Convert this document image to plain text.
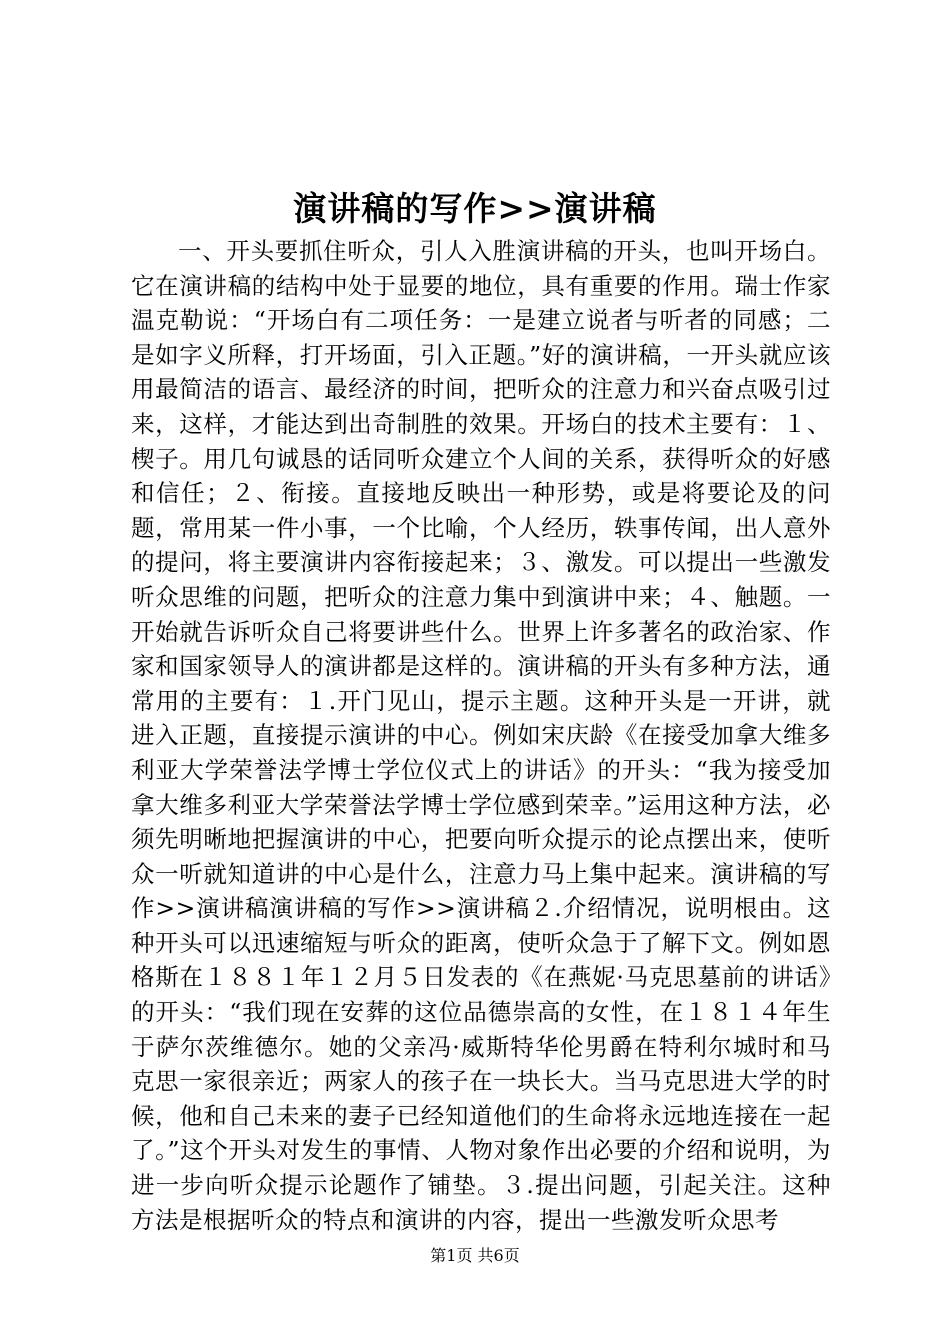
演讲稿的写作>>演讲稿

一、开头要抓住听众，引人入胜演讲稿的开头，也叫开场白。它在演讲稿的结构中处于显要的地位，具有重要的作用。瑞士作家温克勒说：“开场白有二项任务：一是建立说者与听者的同感；二是如字义所释，打开场面，引入正题。”好的演讲稿，一开头就应该用最简洁的语言、最经济的时间，把听众的注意力和兴奋点吸引过来，这样，才能达到出奇制胜的效果。开场白的技术主要有：１、楔子。用几句诚恳的话同听众建立个人间的关系，获得听众的好感和信任；２、衔接。直接地反映出一种形势，或是将要论及的问题，常用某一件小事，一个比喻，个人经历，轶事传闻，出人意外的提问，将主要演讲内容衔接起来；３、激发。可以提出一些激发听众思维的问题，把听众的注意力集中到演讲中来；４、触题。一开始就告诉听众自己将要讲些什么。世界上许多著名的政治家、作家和国家领导人的演讲都是这样的。演讲稿的开头有多种方法，通常用的主要有：１.开门见山，提示主题。这种开头是一开讲，就进入正题，直接提示演讲的中心。例如宋庆龄《在接受加拿大维多利亚大学荣誉法学博士学位仪式上的讲话》的开头：“我为接受加拿大维多利亚大学荣誉法学博士学位感到荣幸。”运用这种方法，必须先明晰地把握演讲的中心，把要向听众提示的论点摆出来，使听众一听就知道讲的中心是什么，注意力马上集中起来。演讲稿的写作>>演讲稿演讲稿的写作>>演讲稿２.介绍情况，说明根由。这种开头可以迅速缩短与听众的距离，使听众急于了解下文。例如恩格斯在１８８１年１２月５日发表的《在燕妮·马克思墓前的讲话》的开头：“我们现在安葬的这位品德崇高的女性，在１８１４年生于萨尔茨维德尔。她的父亲冯·威斯特华伦男爵在特利尔城时和马克思一家很亲近；两家人的孩子在一块长大。当马克思进大学的时候，他和自己未来的妻子已经知道他们的生命将永远地连接在一起了。”这个开头对发生的事情、人物对象作出必要的介绍和说明，为进一步向听众提示论题作了铺垫。３.提出问题，引起关注。这种方法是根据听众的特点和演讲的内容，提出一些激发听众思考

第1页 共6页
